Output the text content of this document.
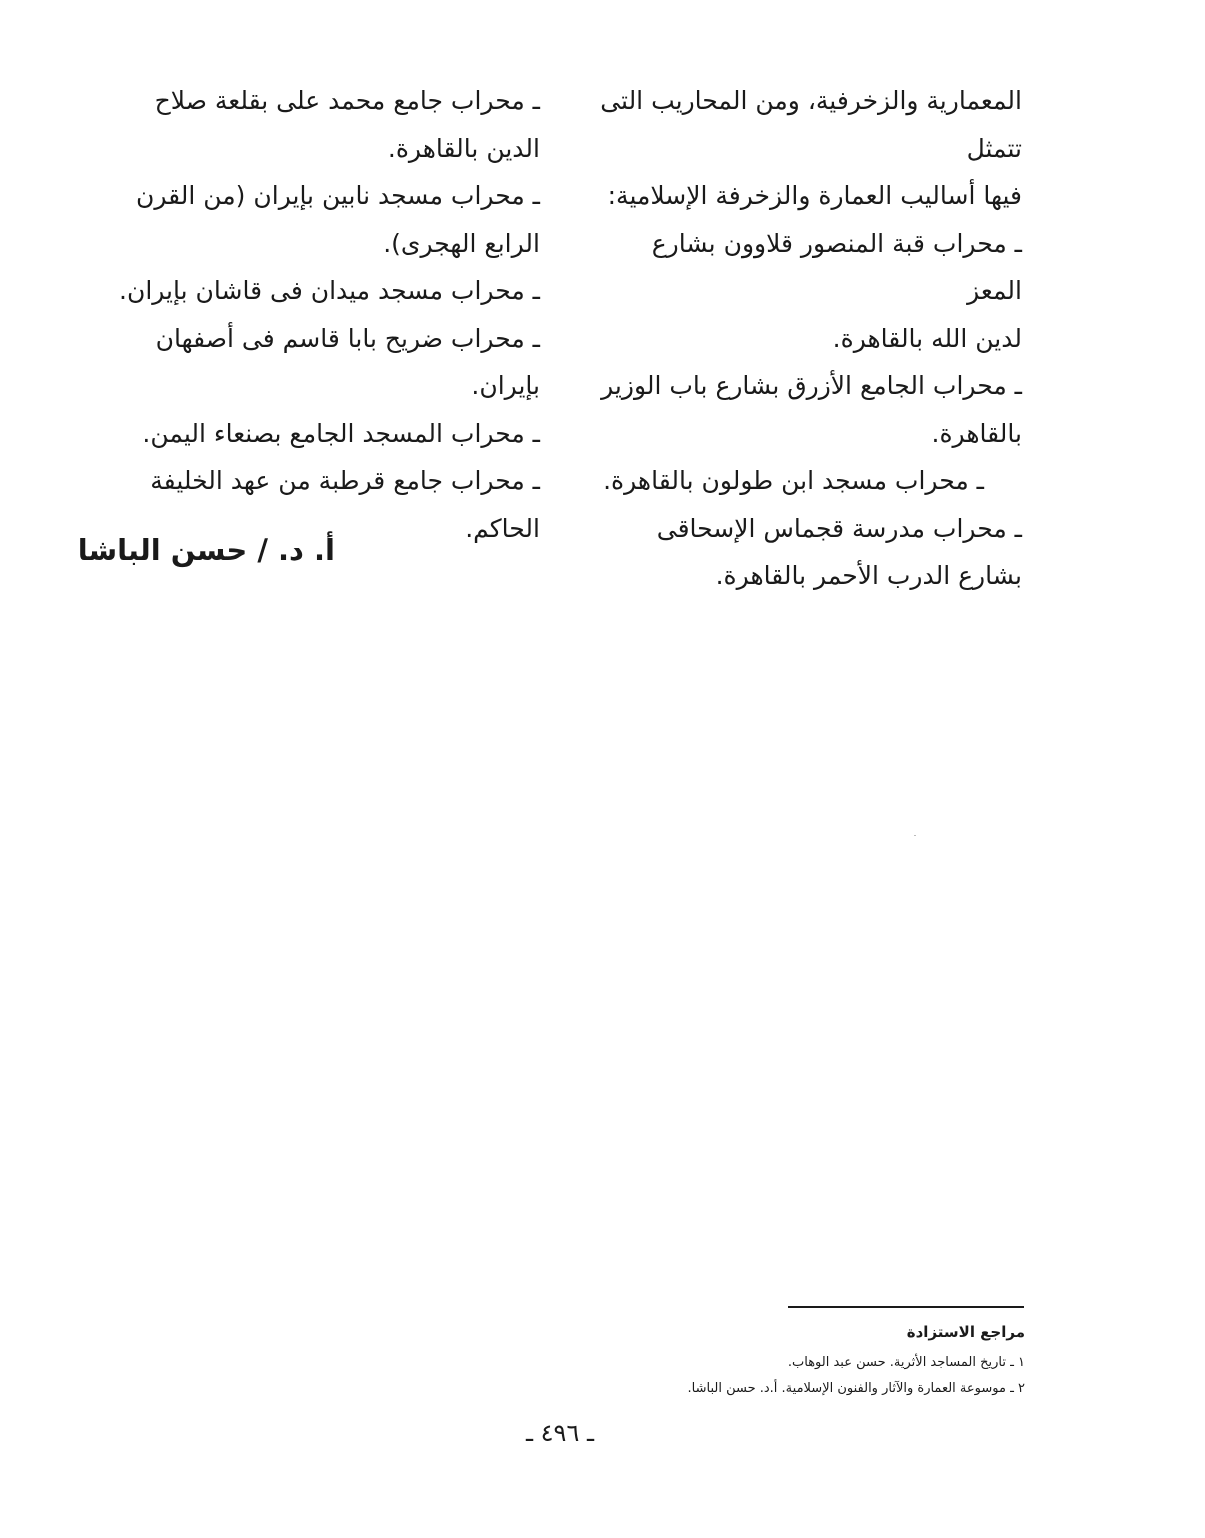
المعمارية والزخرفية، ومن المحاريب التى تتمثل

فيها أساليب العمارة والزخرفة الإسلامية:

ـ محراب قبة المنصور قلاوون بشارع المعز

لدين الله بالقاهرة.

ـ محراب الجامع الأزرق بشارع باب الوزير

بالقاهرة.

ـ محراب مسجد ابن طولون بالقاهرة.

ـ محراب مدرسة قجماس الإسحاقى

بشارع الدرب الأحمر بالقاهرة.

ـ محراب جامع محمد على بقلعة صلاح

الدين بالقاهرة.

ـ محراب مسجد نابين بإيران (من القرن

الرابع الهجرى).

ـ محراب مسجد ميدان فى قاشان بإيران.

ـ محراب ضريح بابا قاسم فى أصفهان بإيران.

ـ محراب المسجد الجامع بصنعاء اليمن.

ـ محراب جامع قرطبة من عهد الخليفة الحاكم.

أ. د. / حسن الباشا

مراجع الاستزادة

١ ـ تاريخ المساجد الأثرية. حسن عبد الوهاب.

٢ ـ موسوعة العمارة والآثار والفنون الإسلامية. أ.د. حسن الباشا.

ـ ٤٩٦ ـ
